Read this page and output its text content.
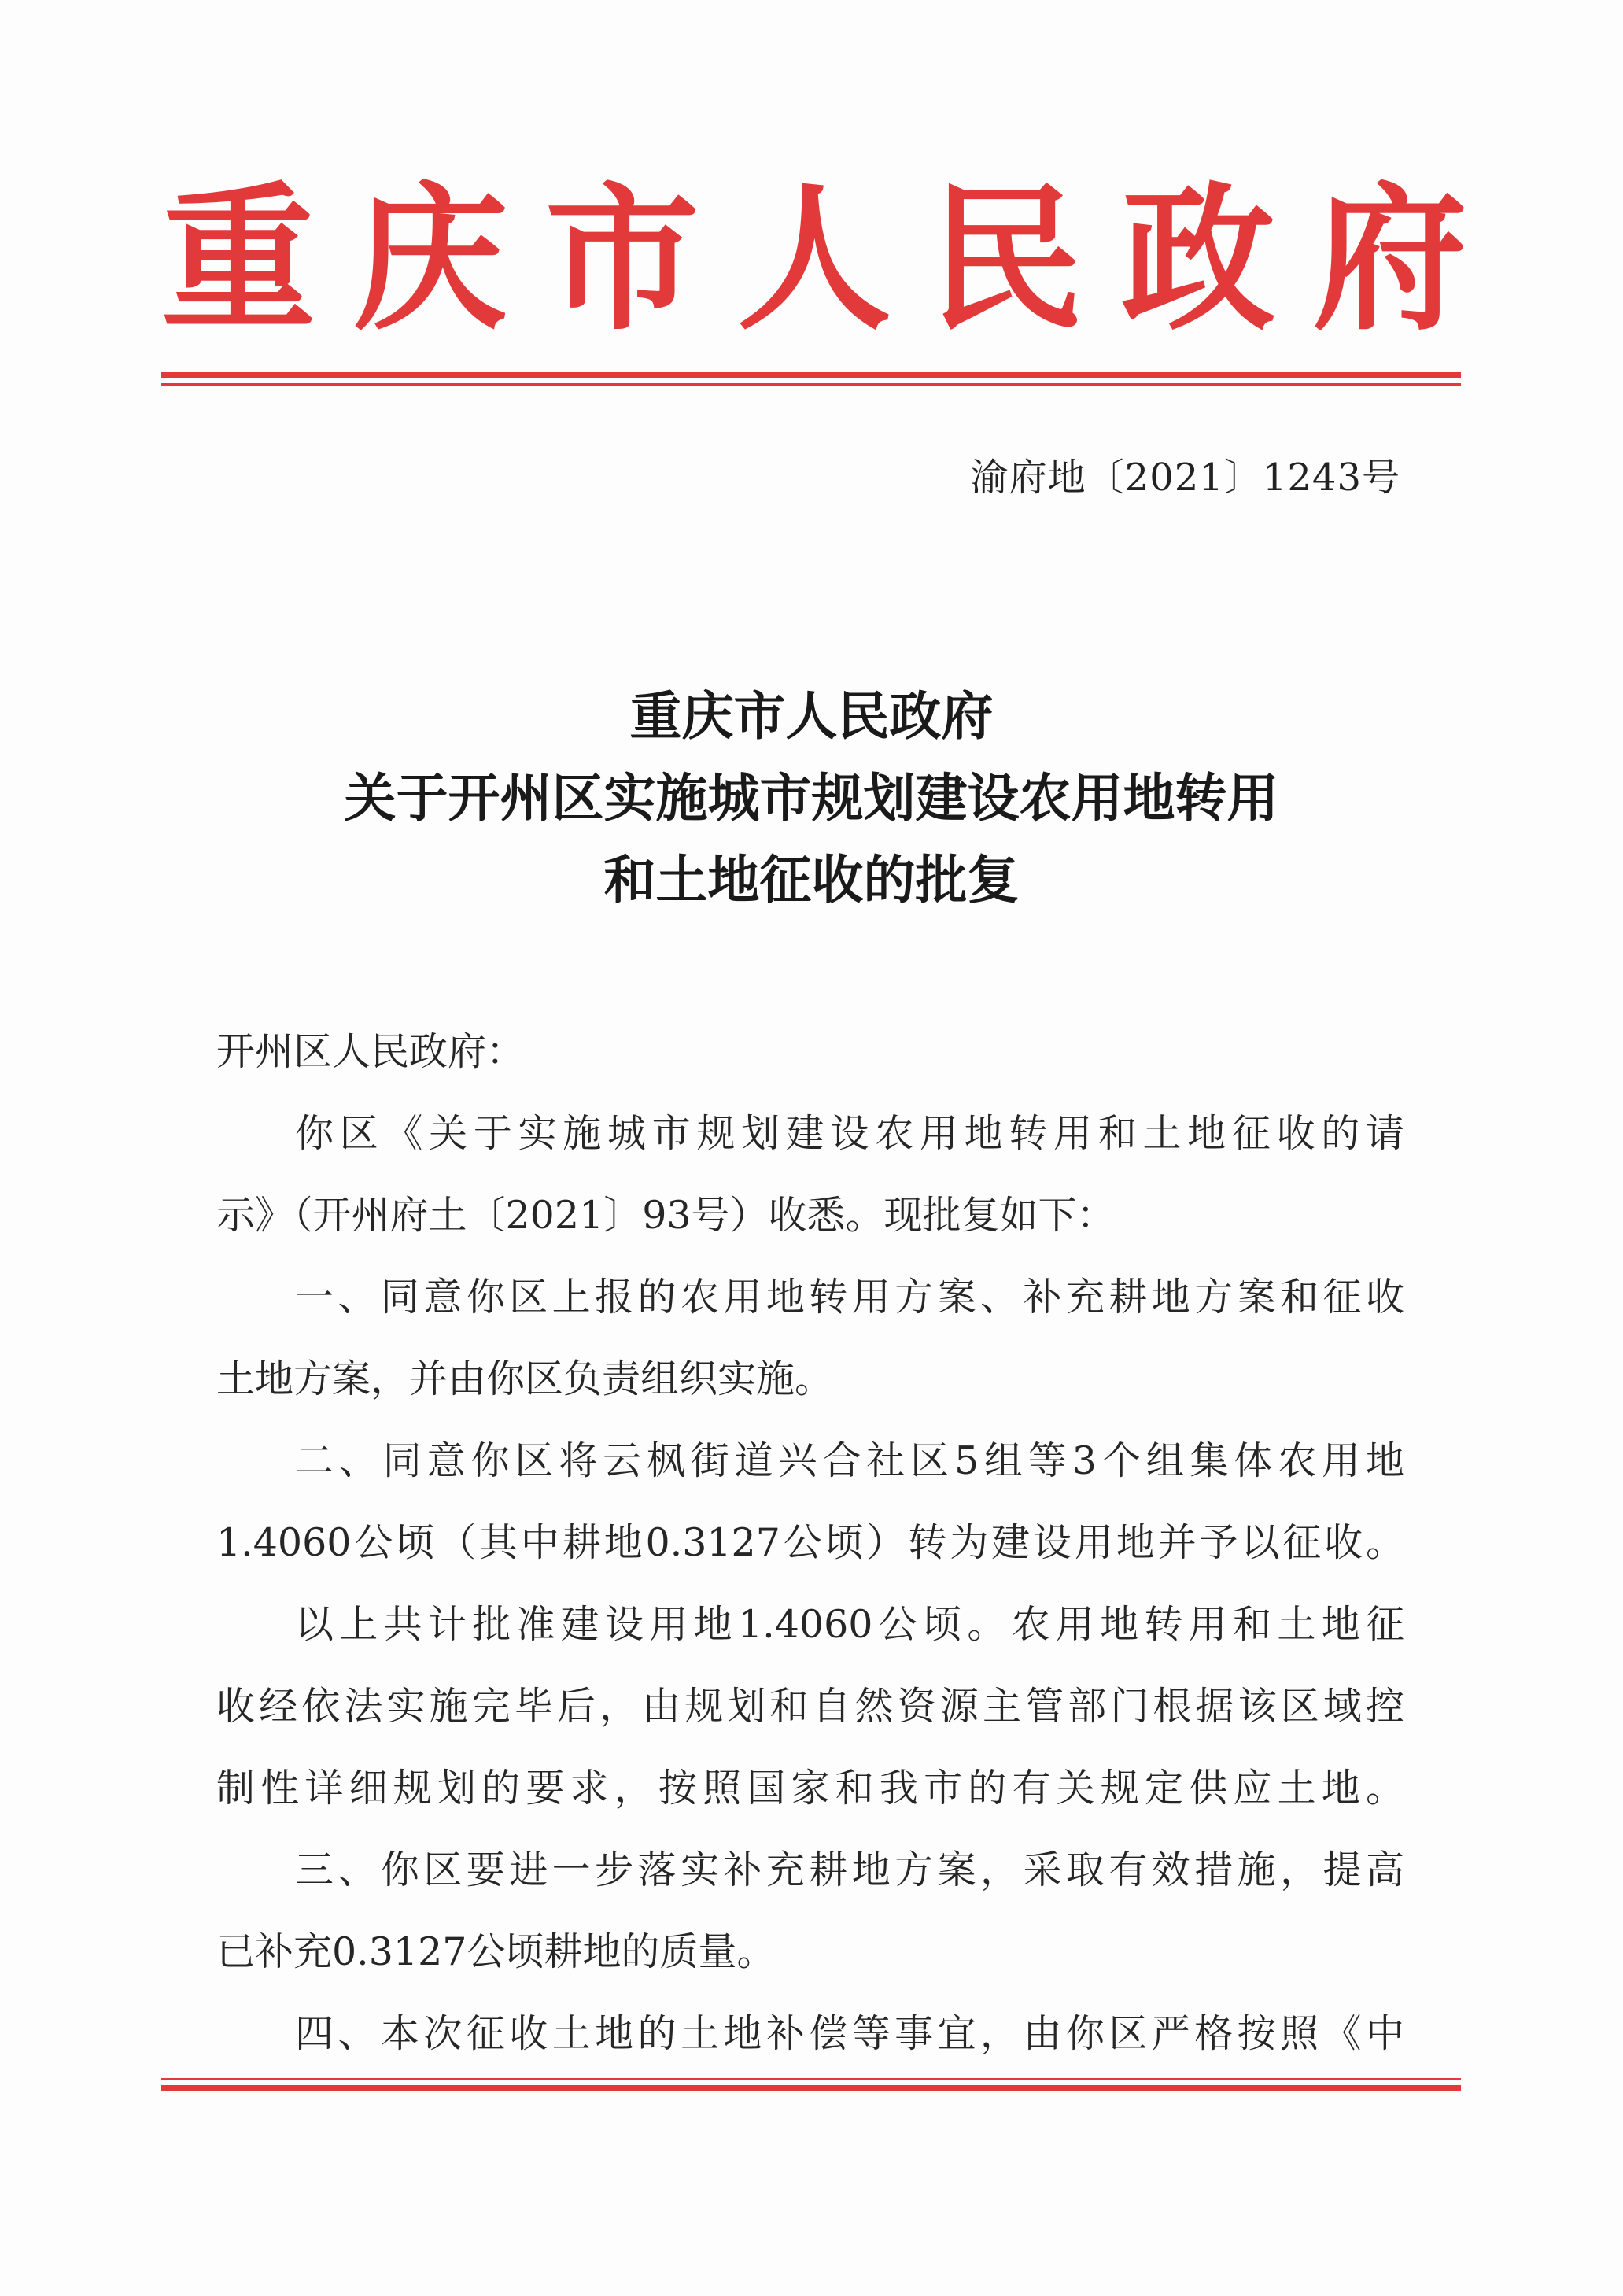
重 庆 市 人 民 政 府
渝府地〔2021〕1243号
重庆市人民政府
关于开州区实施城市规划建设农用地转用
和土地征收的批复
开州区人民政府：
你区《关于实施城市规划建设农用地转用和土地征收的请
示》（开州府土〔2021〕93号）收悉。现批复如下：
一、同意你区上报的农用地转用方案、补充耕地方案和征收
土地方案，并由你区负责组织实施。
二、同意你区将云枫街道兴合社区5组等3个组集体农用地
1.4060公顷（其中耕地0.3127公顷）转为建设用地并予以征收。
以上共计批准建设用地1.4060公顷。农用地转用和土地征
收经依法实施完毕后，由规划和自然资源主管部门根据该区域控
制性详细规划的要求，按照国家和我市的有关规定供应土地。
三、你区要进一步落实补充耕地方案，采取有效措施，提高
已补充0.3127公顷耕地的质量。
四、本次征收土地的土地补偿等事宜，由你区严格按照《中
